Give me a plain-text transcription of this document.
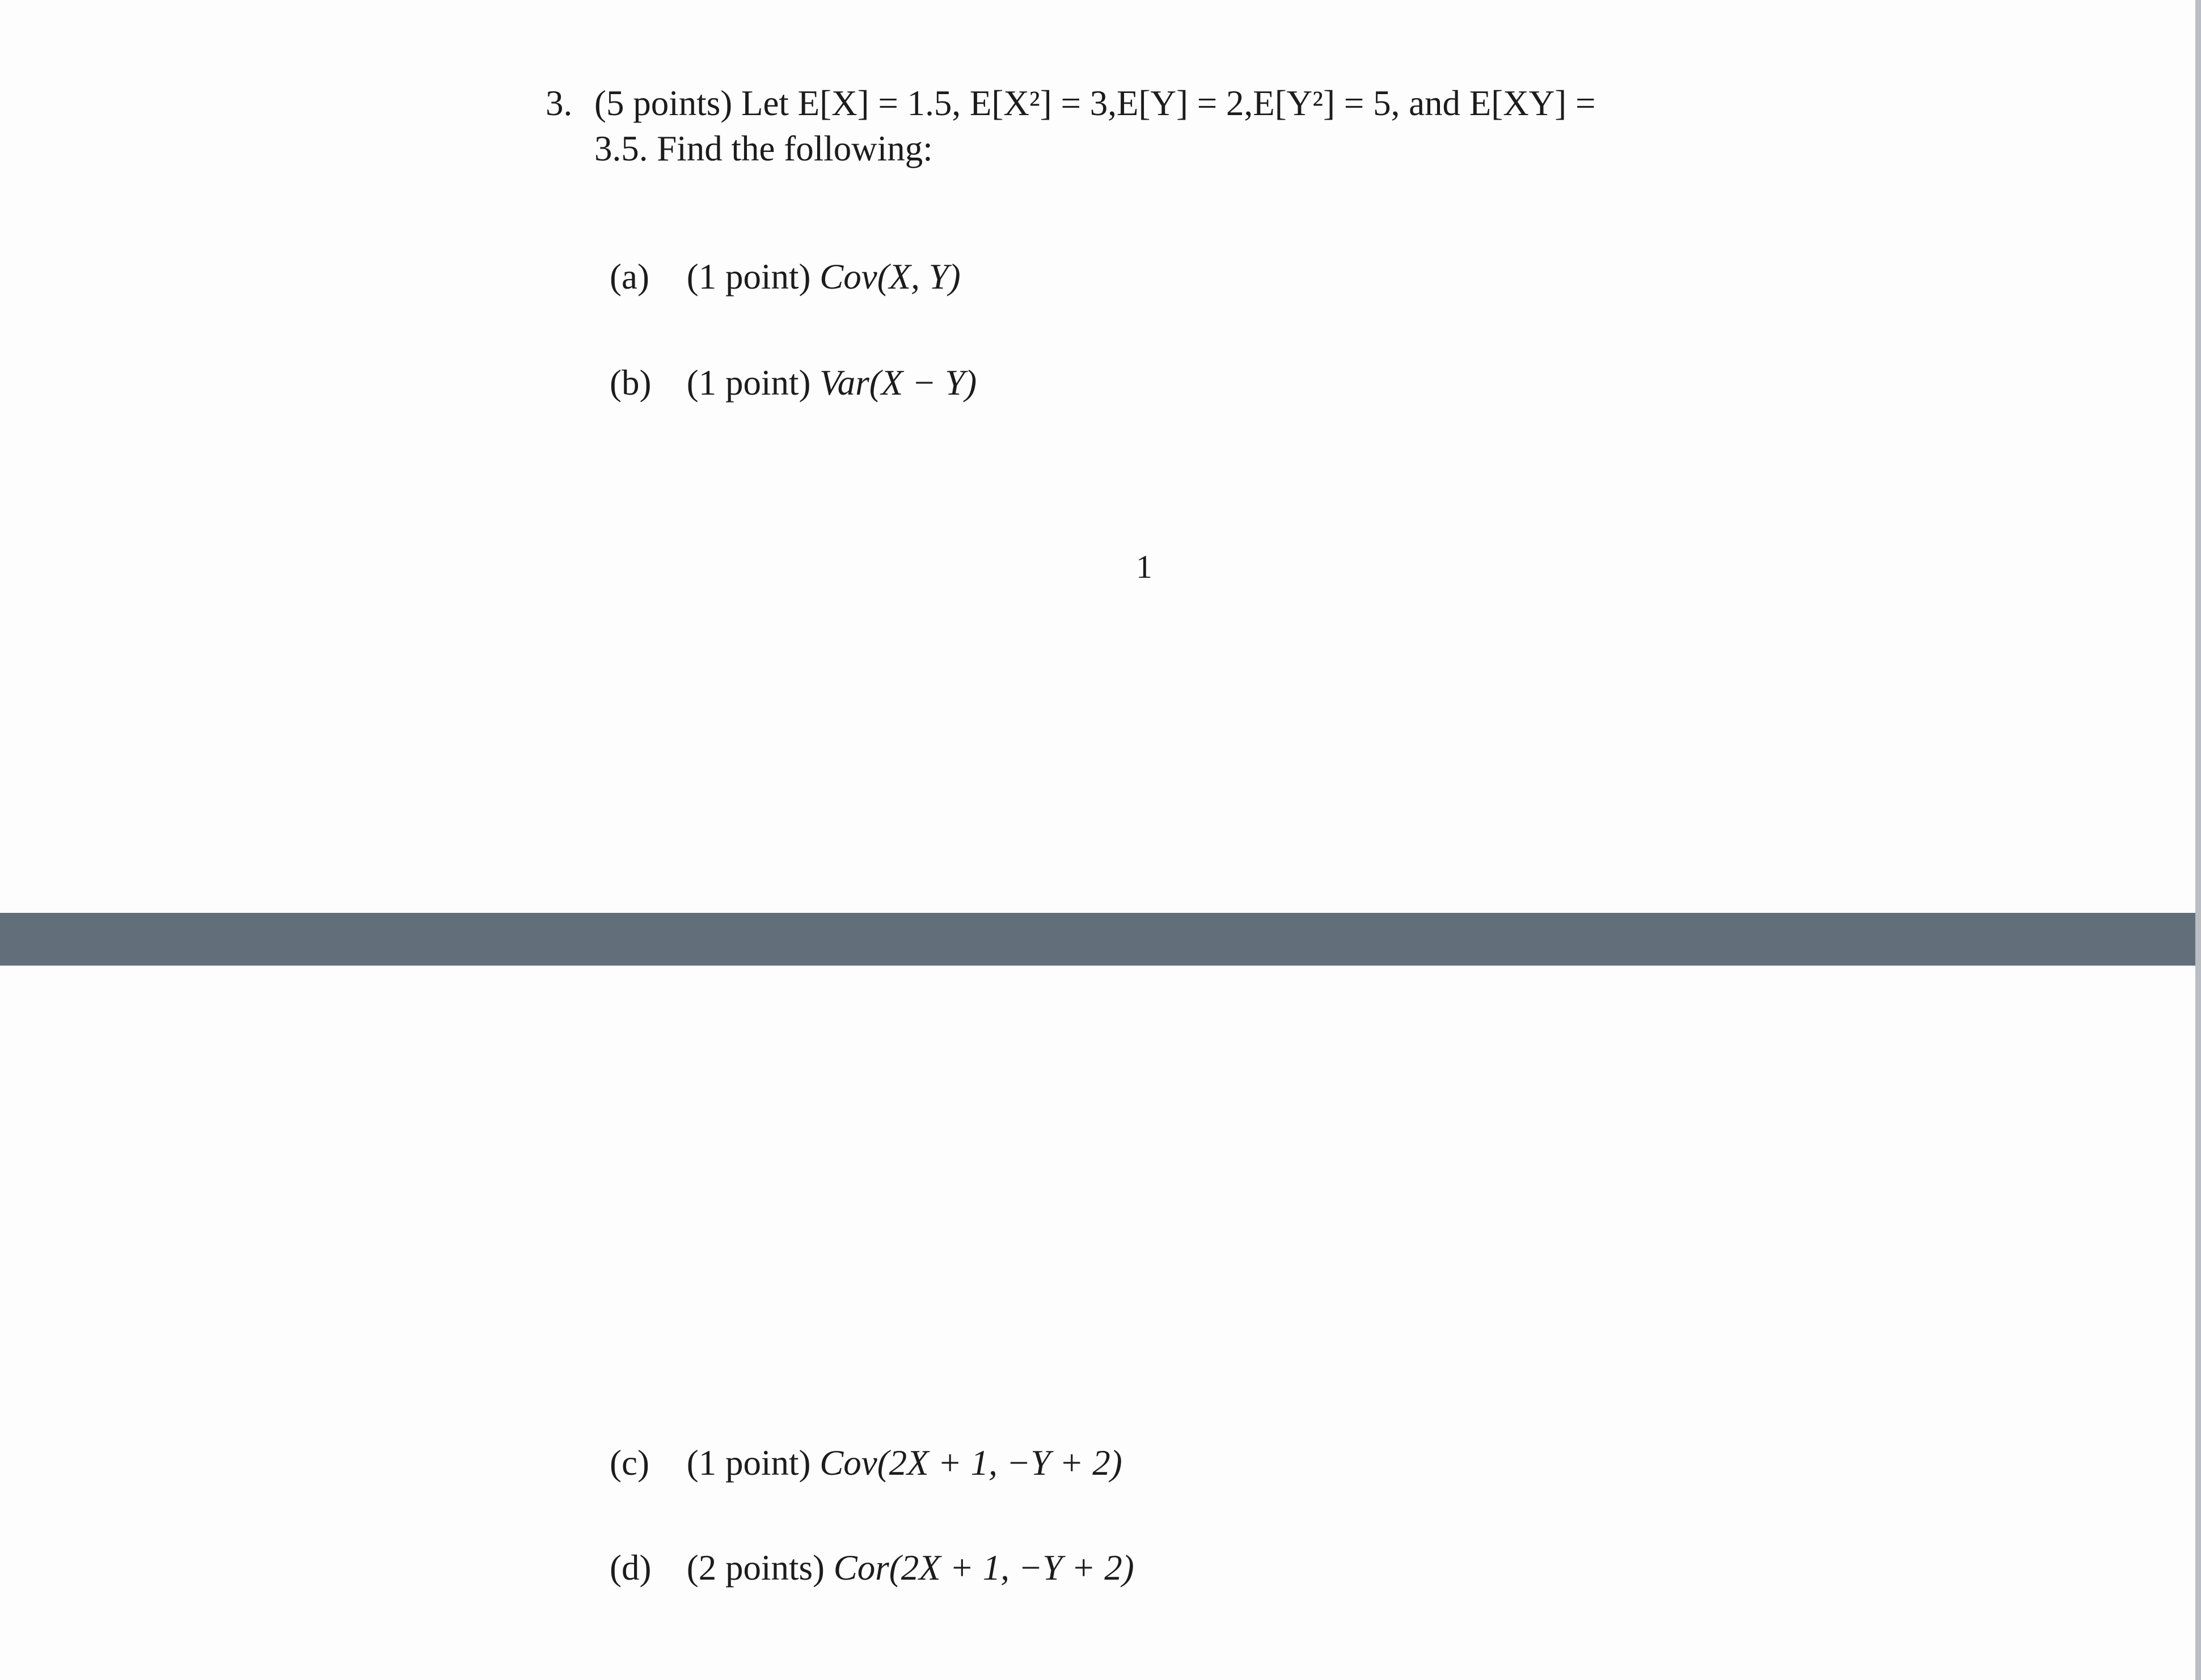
3. (5 points) Let E[X] = 1.5, E[X²] = 3,E[Y] = 2,E[Y²] = 5, and E[XY] =
3.5. Find the following:
(a) (1 point) Cov(X, Y)
(b) (1 point) Var(X − Y)
1
(c) (1 point) Cov(2X + 1, −Y + 2)
(d) (2 points) Cor(2X + 1, −Y + 2)
